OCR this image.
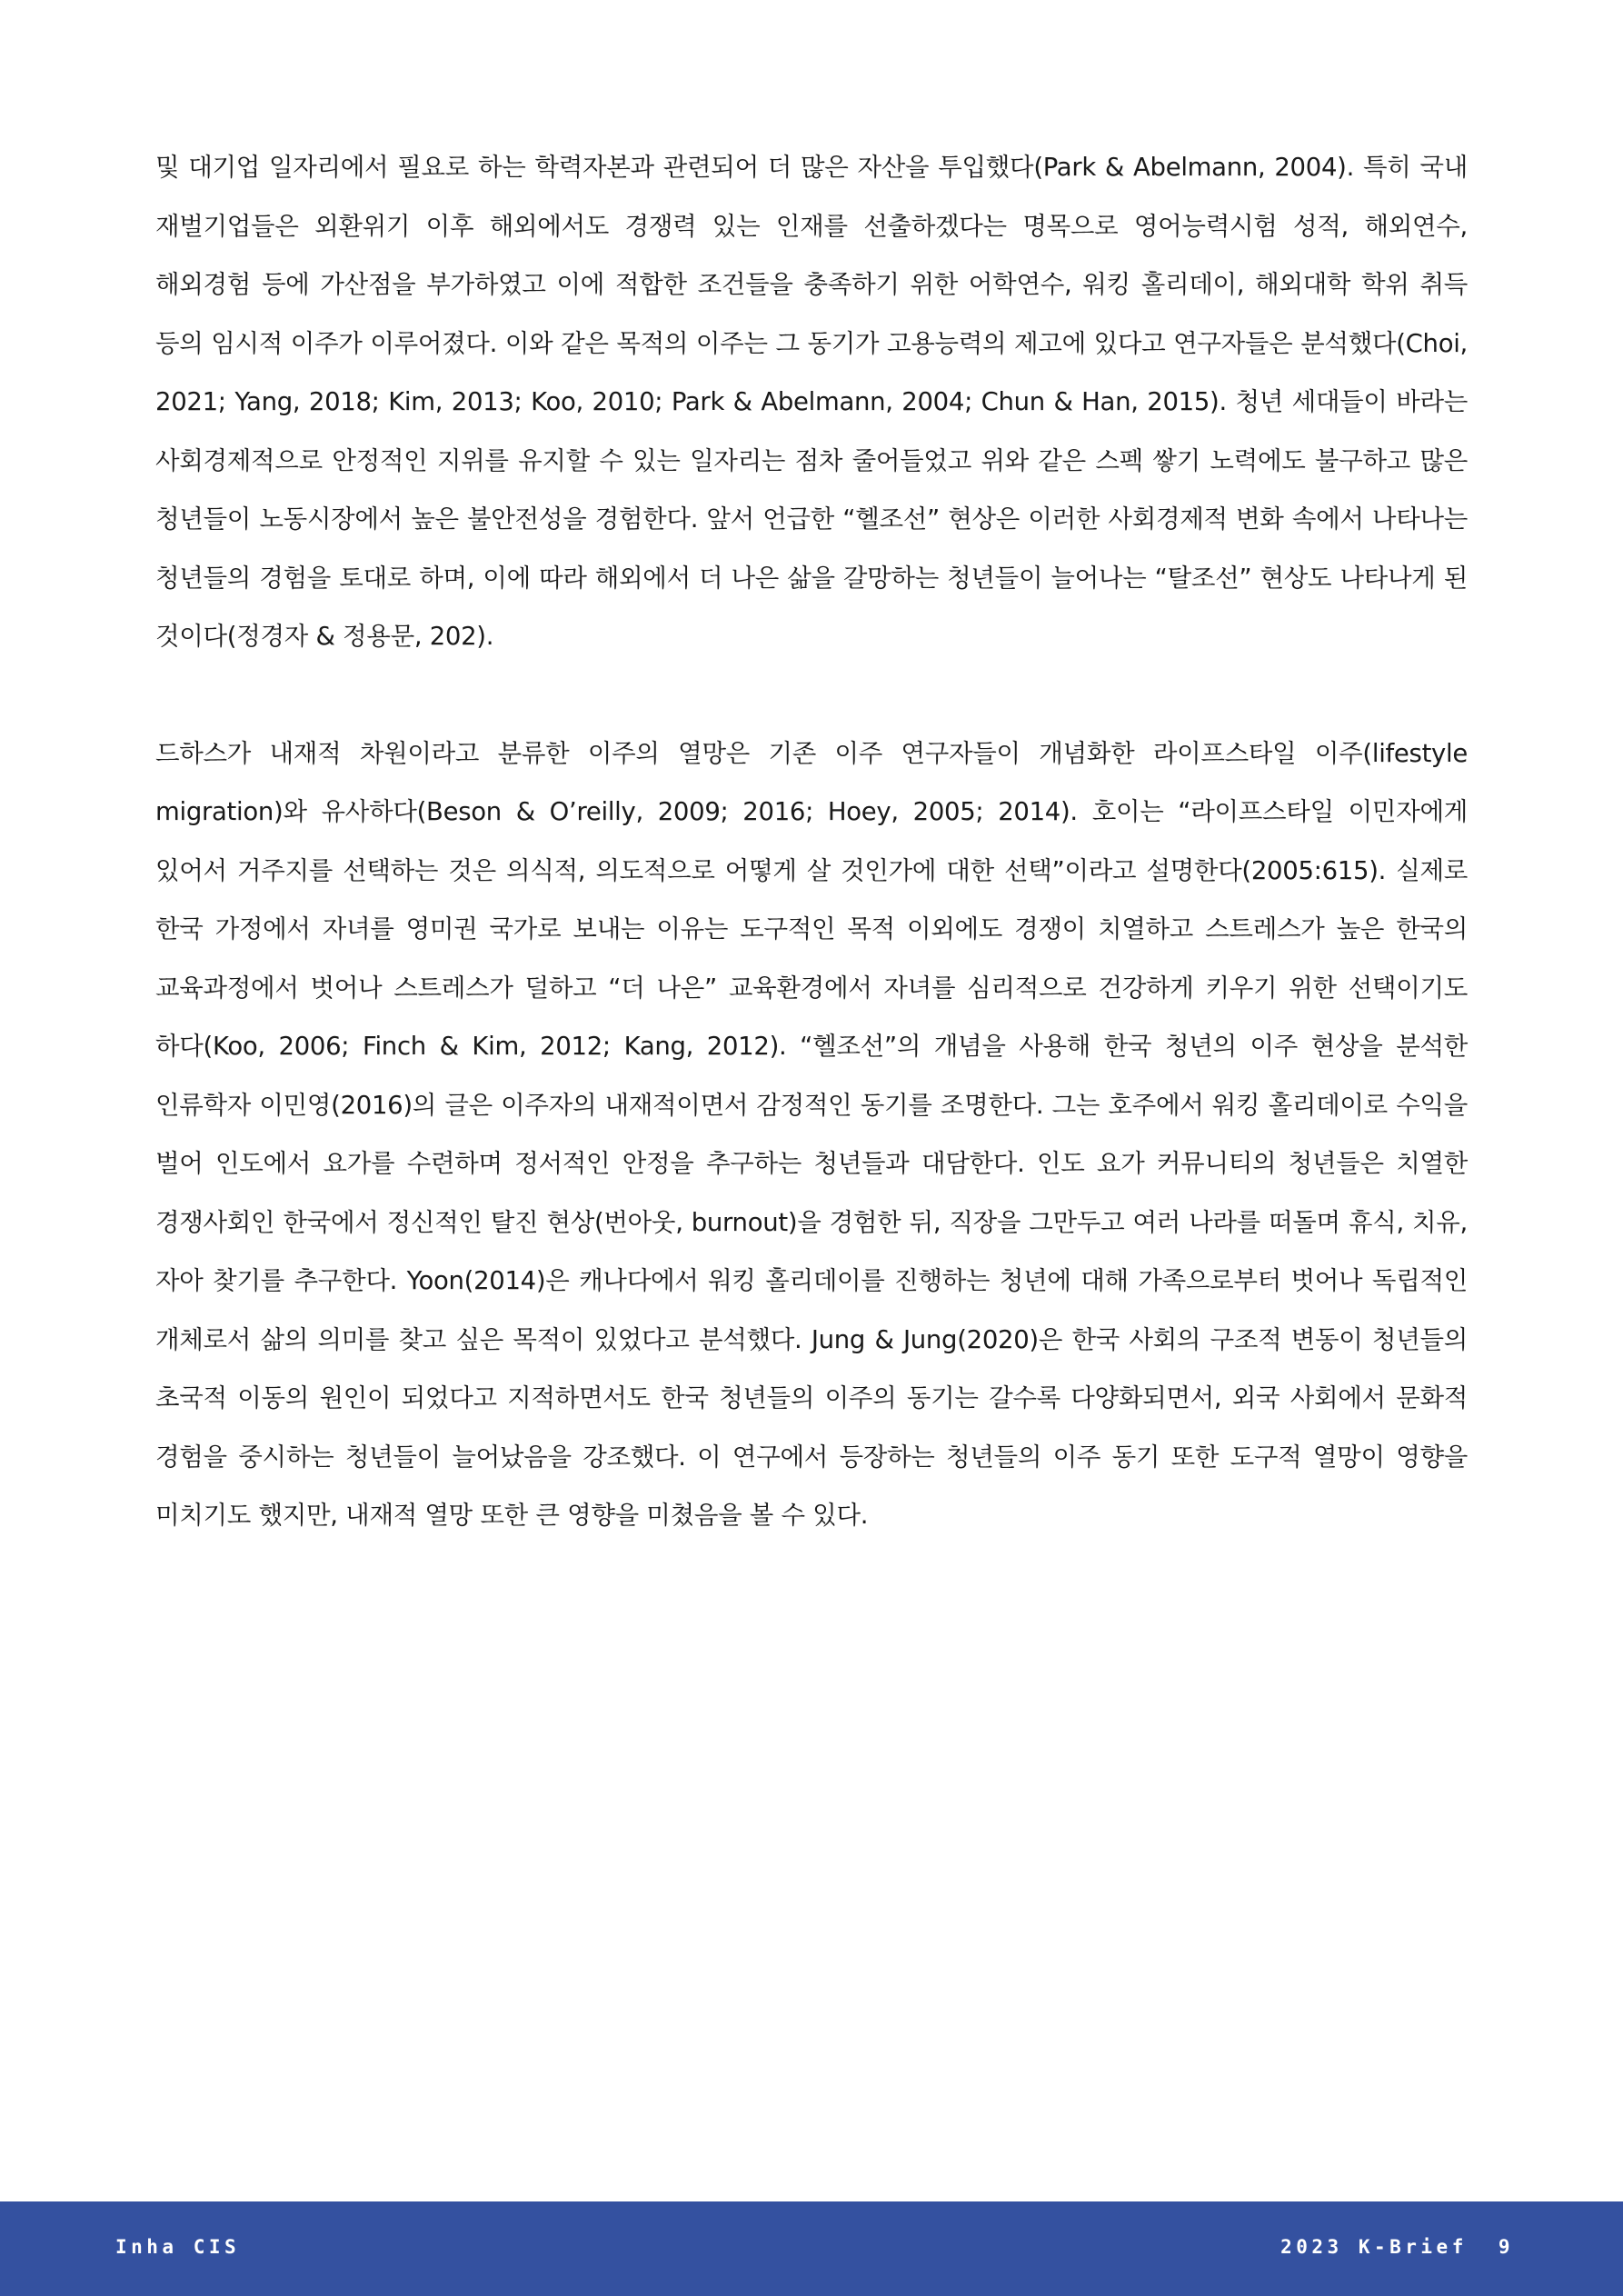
및 대기업 일자리에서 필요로 하는 학력자본과 관련되어 더 많은 자산을 투입했다(Park & Abelmann, 2004). 특히 국내 재벌기업들은 외환위기 이후 해외에서도 경쟁력 있는 인재를 선출하겠다는 명목으로 영어능력시험 성적, 해외연수, 해외경험 등에 가산점을 부가하였고 이에 적합한 조건들을 충족하기 위한 어학연수, 워킹 홀리데이, 해외대학 학위 취득 등의 임시적 이주가 이루어졌다. 이와 같은 목적의 이주는 그 동기가 고용능력의 제고에 있다고 연구자들은 분석했다(Choi, 2021; Yang, 2018; Kim, 2013; Koo, 2010; Park & Abelmann, 2004; Chun & Han, 2015). 청년 세대들이 바라는 사회경제적으로 안정적인 지위를 유지할 수 있는 일자리는 점차 줄어들었고 위와 같은 스펙 쌓기 노력에도 불구하고 많은 청년들이 노동시장에서 높은 불안전성을 경험한다. 앞서 언급한 “헬조선” 현상은 이러한 사회경제적 변화 속에서 나타나는 청년들의 경험을 토대로 하며, 이에 따라 해외에서 더 나은 삶을 갈망하는 청년들이 늘어나는 “탈조선” 현상도 나타나게 된 것이다(정경자 & 정용문, 202).

드하스가 내재적 차원이라고 분류한 이주의 열망은 기존 이주 연구자들이 개념화한 라이프스타일 이주(lifestyle migration)와 유사하다(Beson & O’reilly, 2009; 2016; Hoey, 2005; 2014). 호이는 “라이프스타일 이민자에게 있어서 거주지를 선택하는 것은 의식적, 의도적으로 어떻게 살 것인가에 대한 선택”이라고 설명한다(2005:615). 실제로 한국 가정에서 자녀를 영미권 국가로 보내는 이유는 도구적인 목적 이외에도 경쟁이 치열하고 스트레스가 높은 한국의 교육과정에서 벗어나 스트레스가 덜하고 “더 나은” 교육환경에서 자녀를 심리적으로 건강하게 키우기 위한 선택이기도 하다(Koo, 2006; Finch & Kim, 2012; Kang, 2012). “헬조선”의 개념을 사용해 한국 청년의 이주 현상을 분석한 인류학자 이민영(2016)의 글은 이주자의 내재적이면서 감정적인 동기를 조명한다. 그는 호주에서 워킹 홀리데이로 수익을 벌어 인도에서 요가를 수련하며 정서적인 안정을 추구하는 청년들과 대담한다. 인도 요가 커뮤니티의 청년들은 치열한 경쟁사회인 한국에서 정신적인 탈진 현상(번아웃, burnout)을 경험한 뒤, 직장을 그만두고 여러 나라를 떠돌며 휴식, 치유, 자아 찾기를 추구한다. Yoon(2014)은 캐나다에서 워킹 홀리데이를 진행하는 청년에 대해 가족으로부터 벗어나 독립적인 개체로서 삶의 의미를 찾고 싶은 목적이 있었다고 분석했다. Jung & Jung(2020)은 한국 사회의 구조적 변동이 청년들의 초국적 이동의 원인이 되었다고 지적하면서도 한국 청년들의 이주의 동기는 갈수록 다양화되면서, 외국 사회에서 문화적 경험을 중시하는 청년들이 늘어났음을 강조했다. 이 연구에서 등장하는 청년들의 이주 동기 또한 도구적 열망이 영향을 미치기도 했지만, 내재적 열망 또한 큰 영향을 미쳤음을 볼 수 있다.

Inha CIS	2023 K-Brief 9
